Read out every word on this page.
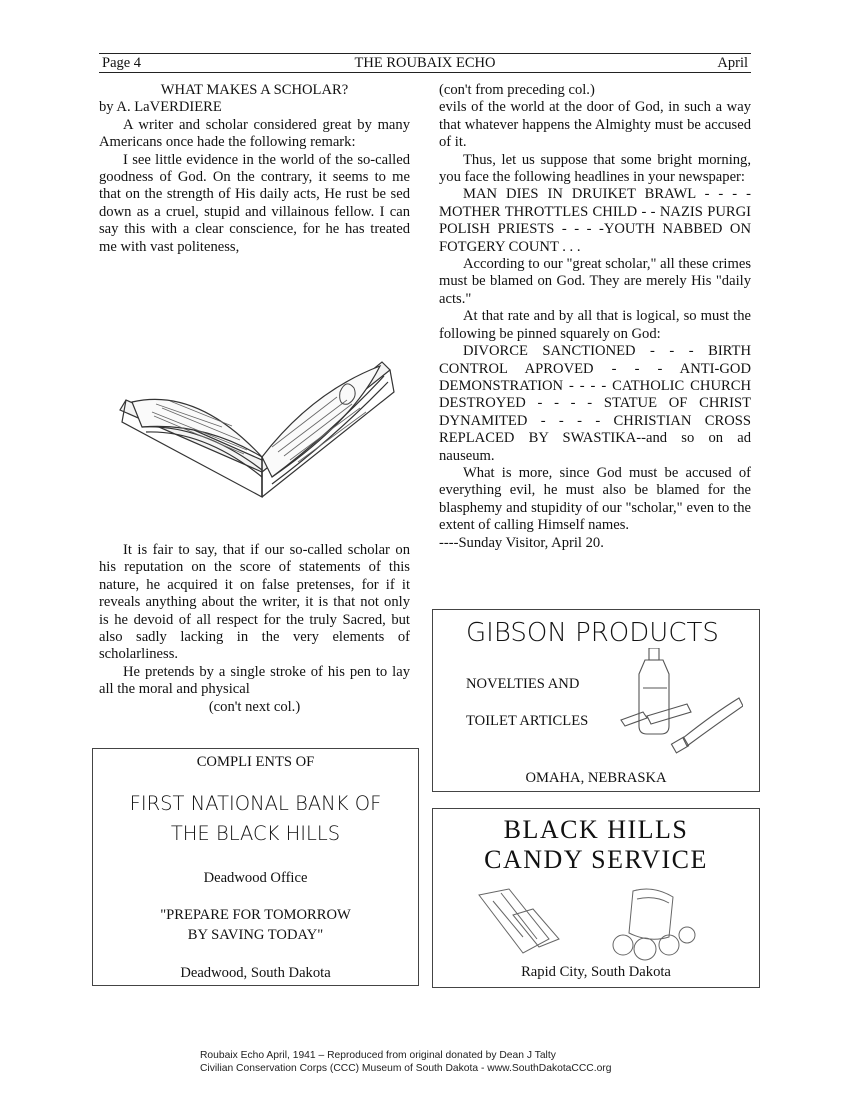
THE ROUBAIX ECHO
Page 4	April
WHAT MAKES A SCHOLAR?

by A. LaVERDIERE

A writer and scholar considered great by many Americans once hade the following remark:

I see little evidence in the world of the so-called goodness of God. On the contrary, it seems to me that on the strength of His daily acts, He rust be sed down as a cruel, stupid and villainous fellow. I can say this with a clear conscience, for he has treated me with vast politeness,

It is fair to say, that if our so-called scholar on his reputation on the score of statements of this nature, he acquired it on false pretenses, for if it reveals anything about the writer, it is that not only is he devoid of all respect for the truly Sacred, but also sadly lacking in the very elements of scholarliness.

He pretends by a single stroke of his pen to lay all the moral and physical

(con't next col.)

(con't from preceding col.)

evils of the world at the door of God, in such a way that whatever happens the Almighty must be accused of it.

Thus, let us suppose that some bright morning, you face the following headlines in your newspaper:

MAN DIES IN DRUIKET BRAWL - - - - MOTHER THROTTLES CHILD - - NAZIS PURGI POLISH PRIESTS - - - -YOUTH NABBED ON FOTGERY COUNT . . .

According to our "great scholar," all these crimes must be blamed on God. They are merely His "daily acts."

At that rate and by all that is logical, so must the following be pinned squarely on God:

DIVORCE SANCTIONED - - - BIRTH CONTROL APROVED - - - ANTI-GOD DEMONSTRATION - - - - CATHOLIC CHURCH DESTROYED - - - - STATUE OF CHRIST DYNAMITED - - - - CHRISTIAN CROSS REPLACED BY SWASTIKA--and so on ad nauseum.

What is more, since God must be accused of everything evil, he must also be blamed for the blasphemy and stupidity of our "scholar," even to the extent of calling Himself names.

----Sunday Visitor, April 20.

COMPLI ENTS OF
FIRST NATIONAL BANK OF
THE BLACK HILLS
Deadwood Office
"PREPARE FOR TOMORROW
BY SAVING TODAY"
Deadwood, South Dakota
GIBSON PRODUCTS
NOVELTIES AND
TOILET ARTICLES
OMAHA, NEBRASKA
BLACK HILLS
CANDY SERVICE
Rapid City, South Dakota
Roubaix Echo April, 1941 – Reproduced from original donated by Dean J Talty
Civilian Conservation Corps (CCC) Museum of South Dakota - www.SouthDakotaCCC.org
